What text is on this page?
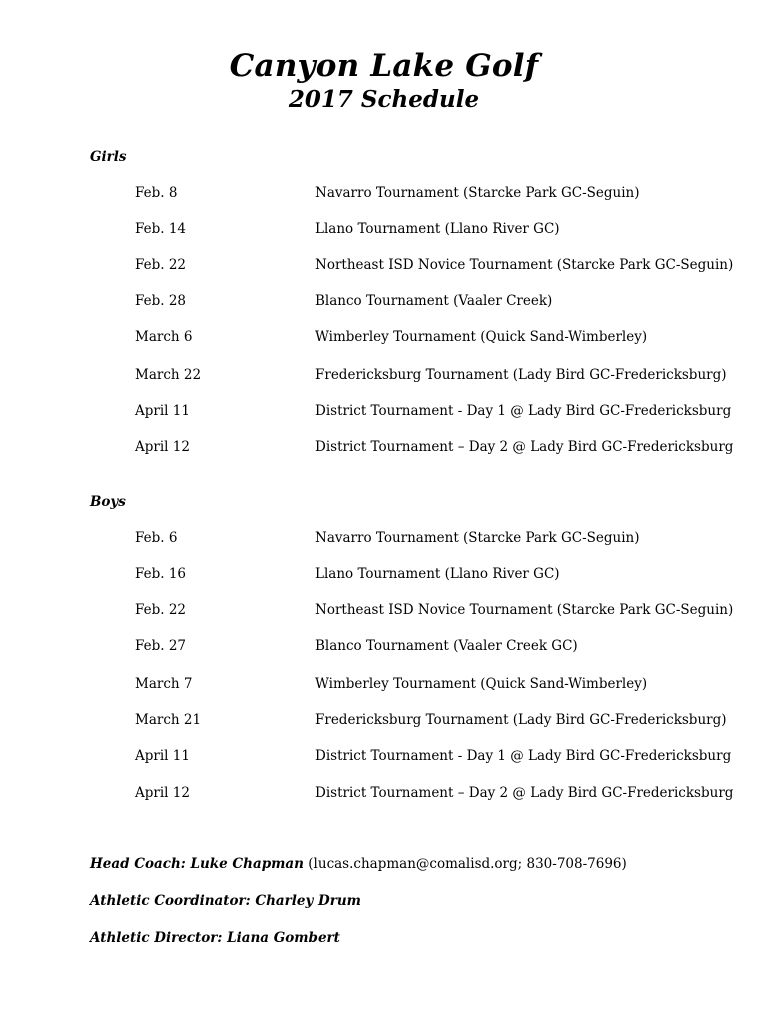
Canyon Lake Golf
2017 Schedule
Girls
Feb. 8	Navarro Tournament (Starcke Park GC-Seguin)
Feb. 14	Llano Tournament (Llano River GC)
Feb. 22	Northeast ISD Novice Tournament (Starcke Park GC-Seguin)
Feb. 28	Blanco Tournament (Vaaler Creek)
March 6	Wimberley Tournament (Quick Sand-Wimberley)
March 22	Fredericksburg Tournament (Lady Bird GC-Fredericksburg)
April 11	District Tournament - Day 1 @ Lady Bird GC-Fredericksburg
April 12	District Tournament – Day 2 @ Lady Bird GC-Fredericksburg
Boys
Feb. 6	Navarro Tournament (Starcke Park GC-Seguin)
Feb. 16	Llano Tournament (Llano River GC)
Feb. 22	Northeast ISD Novice Tournament (Starcke Park GC-Seguin)
Feb. 27	Blanco Tournament (Vaaler Creek GC)
March 7	Wimberley Tournament (Quick Sand-Wimberley)
March 21	Fredericksburg Tournament (Lady Bird GC-Fredericksburg)
April 11	District Tournament - Day 1 @ Lady Bird GC-Fredericksburg
April 12	District Tournament – Day 2 @ Lady Bird GC-Fredericksburg
Head Coach: Luke Chapman (lucas.chapman@comalisd.org; 830-708-7696)
Athletic Coordinator: Charley Drum
Athletic Director: Liana Gombert
